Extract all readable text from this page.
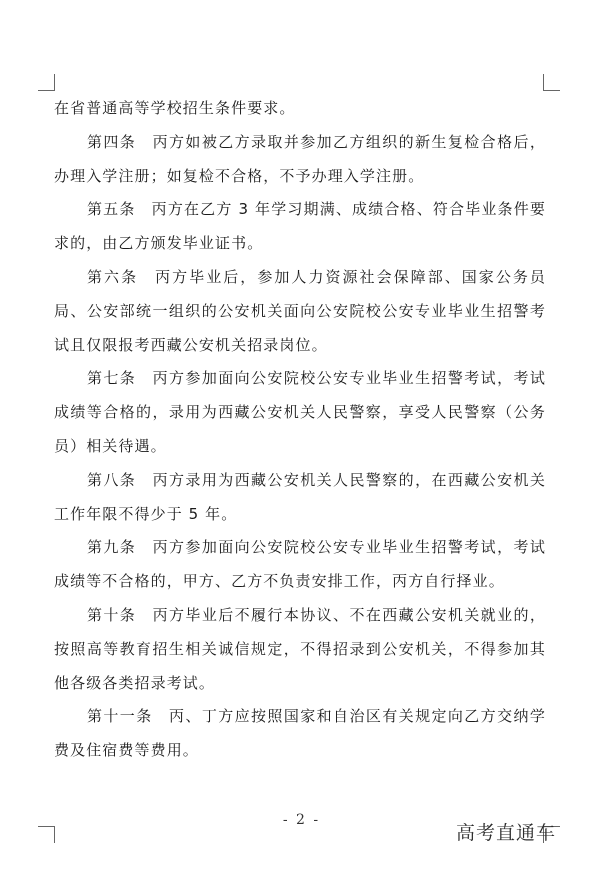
在省普通高等学校招生条件要求。

第四条　丙方如被乙方录取并参加乙方组织的新生复检合格后，办理入学注册；如复检不合格，不予办理入学注册。

第五条　丙方在乙方 3 年学习期满、成绩合格、符合毕业条件要求的，由乙方颁发毕业证书。

第六条　丙方毕业后，参加人力资源社会保障部、国家公务员局、公安部统一组织的公安机关面向公安院校公安专业毕业生招警考试且仅限报考西藏公安机关招录岗位。

第七条　丙方参加面向公安院校公安专业毕业生招警考试，考试成绩等合格的，录用为西藏公安机关人民警察，享受人民警察（公务员）相关待遇。

第八条　丙方录用为西藏公安机关人民警察的，在西藏公安机关工作年限不得少于 5 年。

第九条　丙方参加面向公安院校公安专业毕业生招警考试，考试成绩等不合格的，甲方、乙方不负责安排工作，丙方自行择业。

第十条　丙方毕业后不履行本协议、不在西藏公安机关就业的，按照高等教育招生相关诚信规定，不得招录到公安机关，不得参加其他各级各类招录考试。

第十一条　丙、丁方应按照国家和自治区有关规定向乙方交纳学费及住宿费等费用。

- 2 -
高考直通车
